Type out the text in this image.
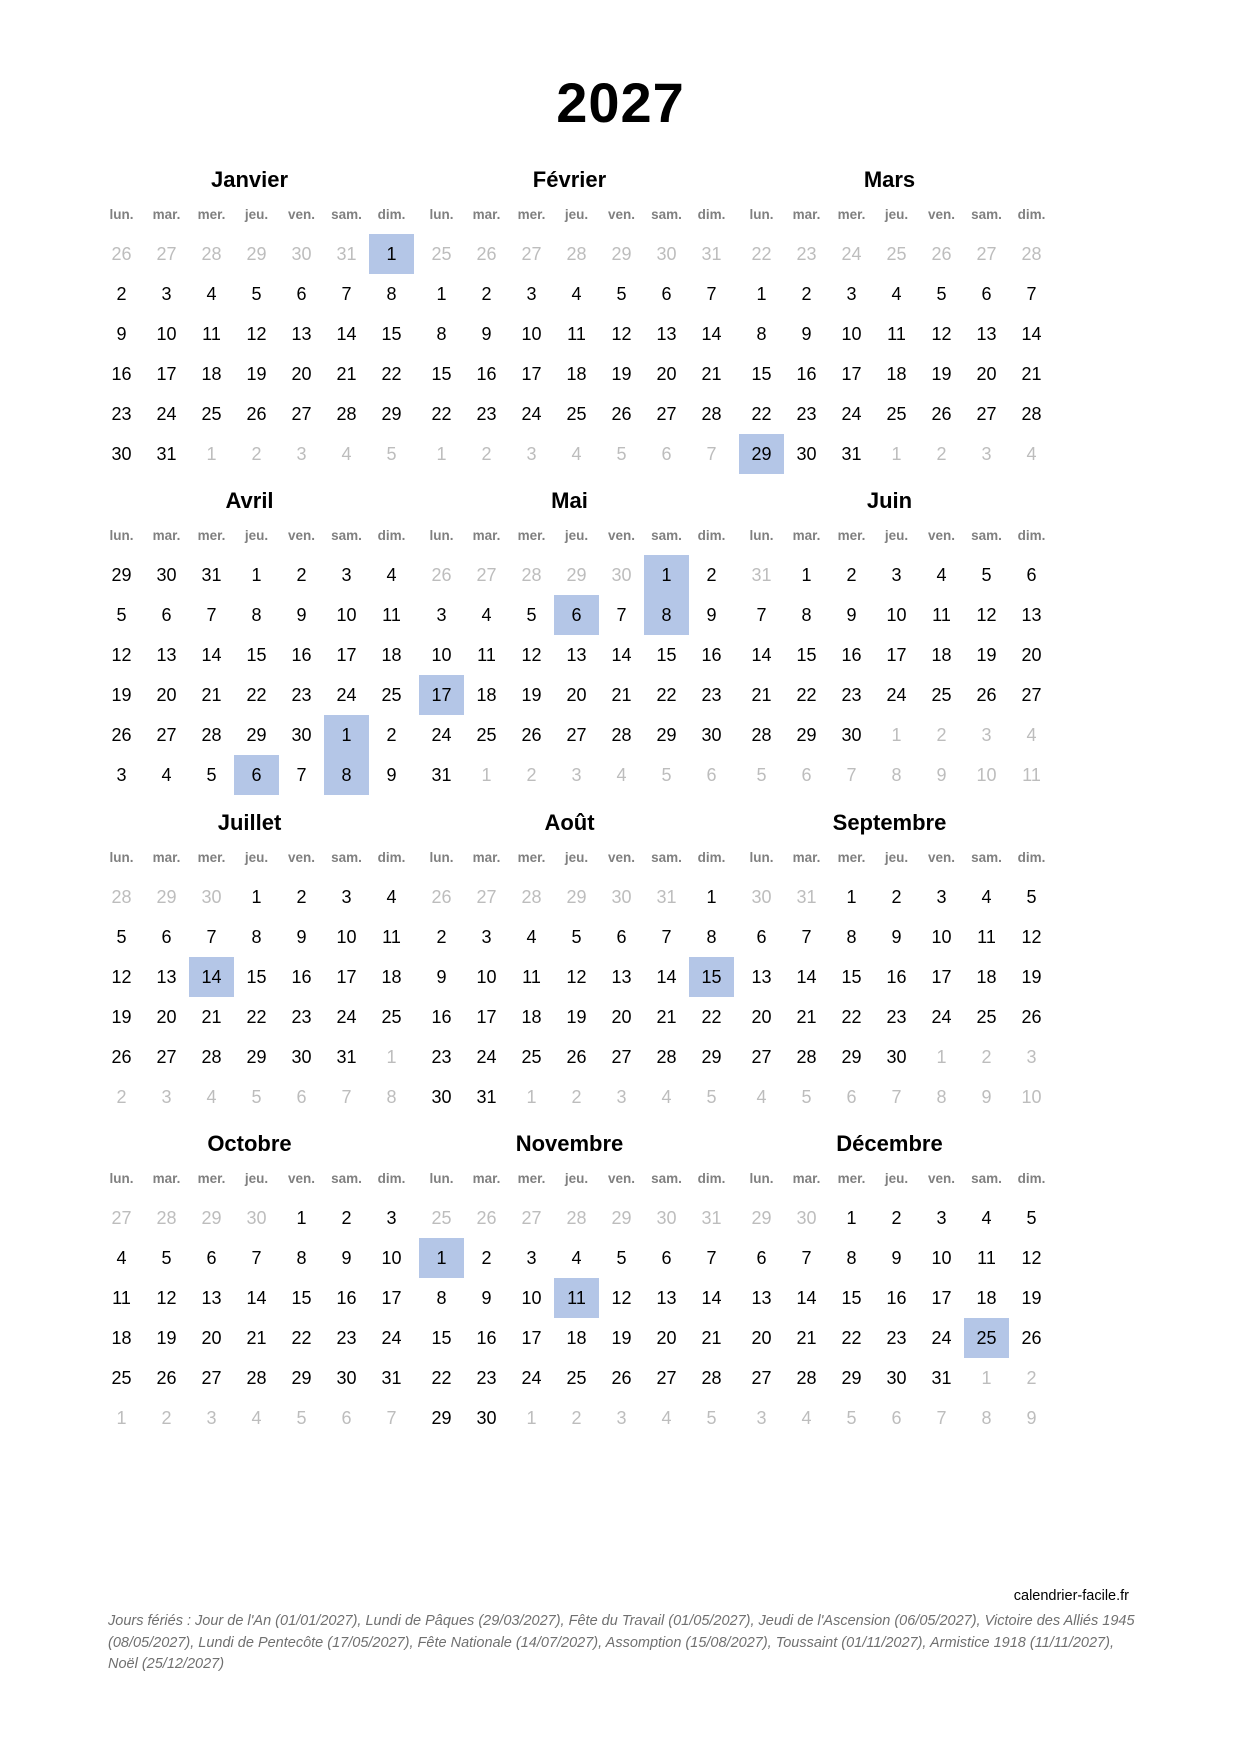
2027
Janvier
lun.	mar.	mer.	jeu.	ven.	sam.	dim.
26	27	28	29	30	31	1
2	3	4	5	6	7	8
9	10	11	12	13	14	15
16	17	18	19	20	21	22
23	24	25	26	27	28	29
30	31	1	2	3	4	5
Février
lun.	mar.	mer.	jeu.	ven.	sam.	dim.
25	26	27	28	29	30	31
1	2	3	4	5	6	7
8	9	10	11	12	13	14
15	16	17	18	19	20	21
22	23	24	25	26	27	28
1	2	3	4	5	6	7
Mars
lun.	mar.	mer.	jeu.	ven.	sam.	dim.
22	23	24	25	26	27	28
1	2	3	4	5	6	7
8	9	10	11	12	13	14
15	16	17	18	19	20	21
22	23	24	25	26	27	28
29	30	31	1	2	3	4
Avril
lun.	mar.	mer.	jeu.	ven.	sam.	dim.
29	30	31	1	2	3	4
5	6	7	8	9	10	11
12	13	14	15	16	17	18
19	20	21	22	23	24	25
26	27	28	29	30	1	2
3	4	5	6	7	8	9
Mai
lun.	mar.	mer.	jeu.	ven.	sam.	dim.
26	27	28	29	30	1	2
3	4	5	6	7	8	9
10	11	12	13	14	15	16
17	18	19	20	21	22	23
24	25	26	27	28	29	30
31	1	2	3	4	5	6
Juin
lun.	mar.	mer.	jeu.	ven.	sam.	dim.
31	1	2	3	4	5	6
7	8	9	10	11	12	13
14	15	16	17	18	19	20
21	22	23	24	25	26	27
28	29	30	1	2	3	4
5	6	7	8	9	10	11
Juillet
lun.	mar.	mer.	jeu.	ven.	sam.	dim.
28	29	30	1	2	3	4
5	6	7	8	9	10	11
12	13	14	15	16	17	18
19	20	21	22	23	24	25
26	27	28	29	30	31	1
2	3	4	5	6	7	8
Août
lun.	mar.	mer.	jeu.	ven.	sam.	dim.
26	27	28	29	30	31	1
2	3	4	5	6	7	8
9	10	11	12	13	14	15
16	17	18	19	20	21	22
23	24	25	26	27	28	29
30	31	1	2	3	4	5
Septembre
lun.	mar.	mer.	jeu.	ven.	sam.	dim.
30	31	1	2	3	4	5
6	7	8	9	10	11	12
13	14	15	16	17	18	19
20	21	22	23	24	25	26
27	28	29	30	1	2	3
4	5	6	7	8	9	10
Octobre
lun.	mar.	mer.	jeu.	ven.	sam.	dim.
27	28	29	30	1	2	3
4	5	6	7	8	9	10
11	12	13	14	15	16	17
18	19	20	21	22	23	24
25	26	27	28	29	30	31
1	2	3	4	5	6	7
Novembre
lun.	mar.	mer.	jeu.	ven.	sam.	dim.
25	26	27	28	29	30	31
1	2	3	4	5	6	7
8	9	10	11	12	13	14
15	16	17	18	19	20	21
22	23	24	25	26	27	28
29	30	1	2	3	4	5
Décembre
lun.	mar.	mer.	jeu.	ven.	sam.	dim.
29	30	1	2	3	4	5
6	7	8	9	10	11	12
13	14	15	16	17	18	19
20	21	22	23	24	25	26
27	28	29	30	31	1	2
3	4	5	6	7	8	9
calendrier-facile.fr
Jours fériés : Jour de l'An (01/01/2027), Lundi de Pâques (29/03/2027), Fête du Travail (01/05/2027), Jeudi de l'Ascension (06/05/2027), Victoire des Alliés 1945 (08/05/2027), Lundi de Pentecôte (17/05/2027), Fête Nationale (14/07/2027), Assomption (15/08/2027), Toussaint (01/11/2027), Armistice 1918 (11/11/2027), Noël (25/12/2027)
